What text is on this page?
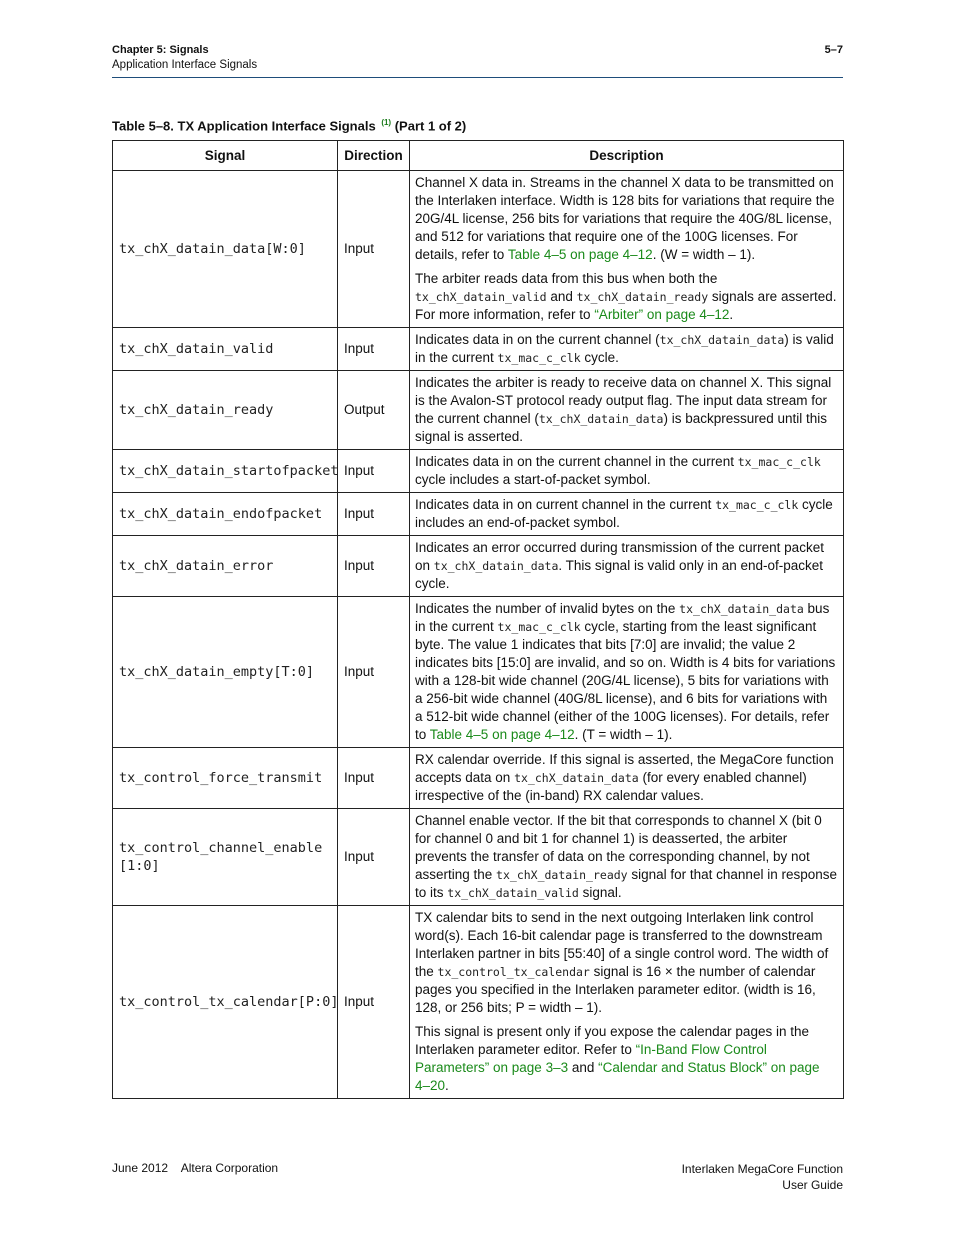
Chapter 5: Signals
Application Interface Signals
5–7
Table 5–8. TX Application Interface Signals $^{(1)}$ (Part 1 of 2)
Signal	Direction	Description
tx_chX_datain_data[W:0]	Input	Channel X data in. Streams in the channel X data to be transmitted on the Interlaken interface. Width is 128 bits for variations that require the 20G/4L license, 256 bits for variations that require the 40G/8L license, and 512 for variations that require one of the 100G licenses. For details, refer to Table 4–5 on page 4–12. (W = width – 1).

The arbiter reads data from this bus when both the tx_chX_datain_valid and tx_chX_datain_ready signals are asserted. For more information, refer to “Arbiter” on page 4–12.

tx_chX_datain_valid	Input	Indicates data in on the current channel (tx_chX_datain_data) is valid in the current tx_mac_c_clk cycle.

tx_chX_datain_ready	Output	Indicates the arbiter is ready to receive data on channel X. This signal is the Avalon-ST protocol ready output flag. The input data stream for the current channel (tx_chX_datain_data) is backpressured until this signal is asserted.

tx_chX_datain_startofpacket	Input	Indicates data in on the current channel in the current tx_mac_c_clk cycle includes a start-of-packet symbol.

tx_chX_datain_endofpacket	Input	Indicates data in on current channel in the current tx_mac_c_clk cycle includes an end-of-packet symbol.

tx_chX_datain_error	Input	Indicates an error occurred during transmission of the current packet on tx_chX_datain_data. This signal is valid only in an end-of-packet cycle.

tx_chX_datain_empty[T:0]	Input	Indicates the number of invalid bytes on the tx_chX_datain_data bus in the current tx_mac_c_clk cycle, starting from the least significant byte. The value 1 indicates that bits [7:0] are invalid; the value 2 indicates bits [15:0] are invalid, and so on. Width is 4 bits for variations with a 128-bit wide channel (20G/4L license), 5 bits for variations with a 256-bit wide channel (40G/8L license), and 6 bits for variations with a 512-bit wide channel (either of the 100G licenses). For details, refer to Table 4–5 on page 4–12. (T = width – 1).

tx_control_force_transmit	Input	RX calendar override. If this signal is asserted, the MegaCore function accepts data on tx_chX_datain_data (for every enabled channel) irrespective of the (in-band) RX calendar values.

tx_control_channel_enable [1:0]	Input	Channel enable vector. If the bit that corresponds to channel X (bit 0 for channel 0 and bit 1 for channel 1) is deasserted, the arbiter prevents the transfer of data on the corresponding channel, by not asserting the tx_chX_datain_ready signal for that channel in response to its tx_chX_datain_valid signal.

tx_control_tx_calendar[P:0]	Input	TX calendar bits to send in the next outgoing Interlaken link control word(s). Each 16-bit calendar page is transferred to the downstream Interlaken partner in bits [55:40] of a single control word. The width of the tx_control_tx_calendar signal is 16 × the number of calendar pages you specified in the Interlaken parameter editor. (width is 16, 128, or 256 bits; P = width – 1).

This signal is present only if you expose the calendar pages in the Interlaken parameter editor. Refer to “In-Band Flow Control Parameters” on page 3–3 and “Calendar and Status Block” on page 4–20.

June 2012    Altera Corporation	Interlaken MegaCore Function
User Guide
